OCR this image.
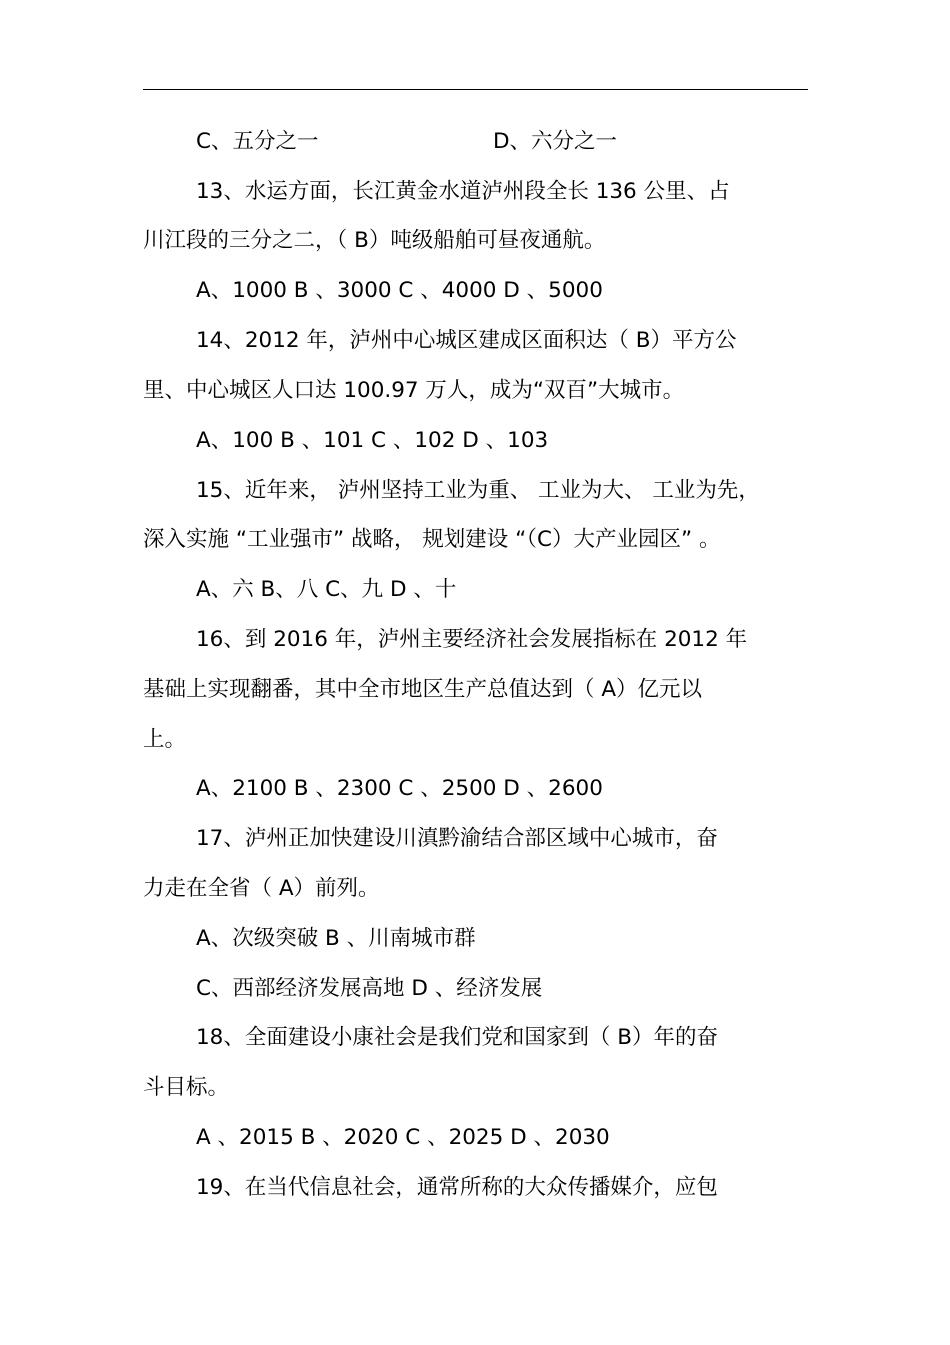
C、五分之一	D、六分之一
13、水运方面，长江黄金水道泸州段全长 136 公里、占
川江段的三分之二，（ B）吨级船舶可昼夜通航。
A、1000 B 、3000 C 、4000 D 、5000
14、2012 年，泸州中心城区建成区面积达（ B）平方公
里、中心城区人口达 100.97 万人，成为“双百”大城市。
A、100 B 、101 C 、102 D 、103
15、近年来， 泸州坚持工业为重、 工业为大、 工业为先，
深入实施 “工业强市” 战略， 规划建设 “（C）大产业园区” 。
A、六 B、八 C、九 D 、十
16、到 2016 年，泸州主要经济社会发展指标在 2012 年
基础上实现翻番，其中全市地区生产总值达到（ A）亿元以
上。
A、2100 B 、2300 C 、2500 D 、2600
17、泸州正加快建设川滇黔渝结合部区域中心城市，奋
力走在全省（ A）前列。
A、次级突破 B 、川南城市群
C、西部经济发展高地 D 、经济发展
18、全面建设小康社会是我们党和国家到（ B）年的奋
斗目标。
A 、2015 B 、2020 C 、2025 D 、2030
19、在当代信息社会，通常所称的大众传播媒介，应包
